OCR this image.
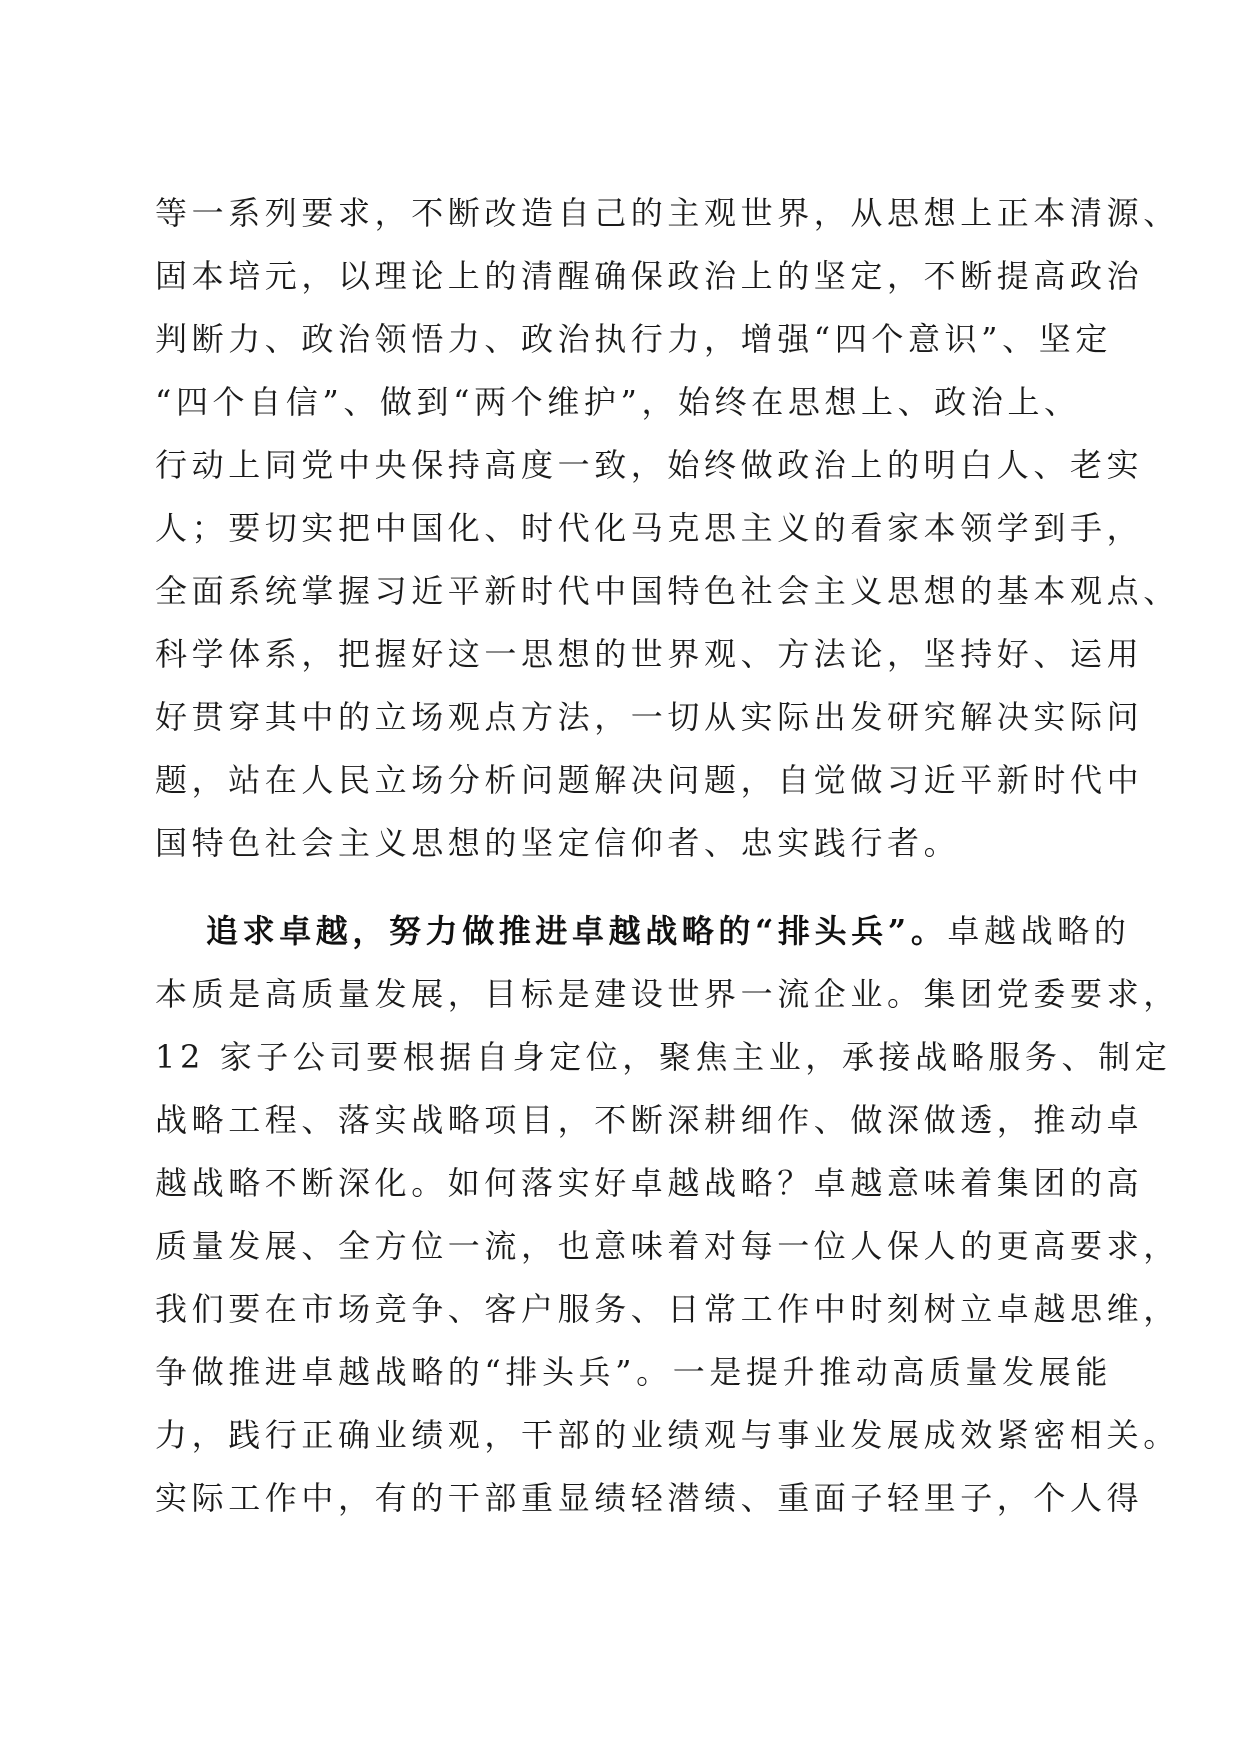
等一系列要求，不断改造自己的主观世界，从思想上正本清源、
固本培元，以理论上的清醒确保政治上的坚定，不断提高政治
判断力、政治领悟力、政治执行力，增强“四个意识”、坚定
“四个自信”、做到“两个维护”，始终在思想上、政治上、
行动上同党中央保持高度一致，始终做政治上的明白人、老实
人；要切实把中国化、时代化马克思主义的看家本领学到手，
全面系统掌握习近平新时代中国特色社会主义思想的基本观点、
科学体系，把握好这一思想的世界观、方法论，坚持好、运用
好贯穿其中的立场观点方法，一切从实际出发研究解决实际问
题，站在人民立场分析问题解决问题，自觉做习近平新时代中
国特色社会主义思想的坚定信仰者、忠实践行者。
追求卓越，努力做推进卓越战略的“排头兵”。卓越战略的
本质是高质量发展，目标是建设世界一流企业。集团党委要求，
12 家子公司要根据自身定位，聚焦主业，承接战略服务、制定
战略工程、落实战略项目，不断深耕细作、做深做透，推动卓
越战略不断深化。如何落实好卓越战略？卓越意味着集团的高
质量发展、全方位一流，也意味着对每一位人保人的更高要求，
我们要在市场竞争、客户服务、日常工作中时刻树立卓越思维，
争做推进卓越战略的“排头兵”。一是提升推动高质量发展能
力，践行正确业绩观，干部的业绩观与事业发展成效紧密相关。
实际工作中，有的干部重显绩轻潜绩、重面子轻里子，个人得
